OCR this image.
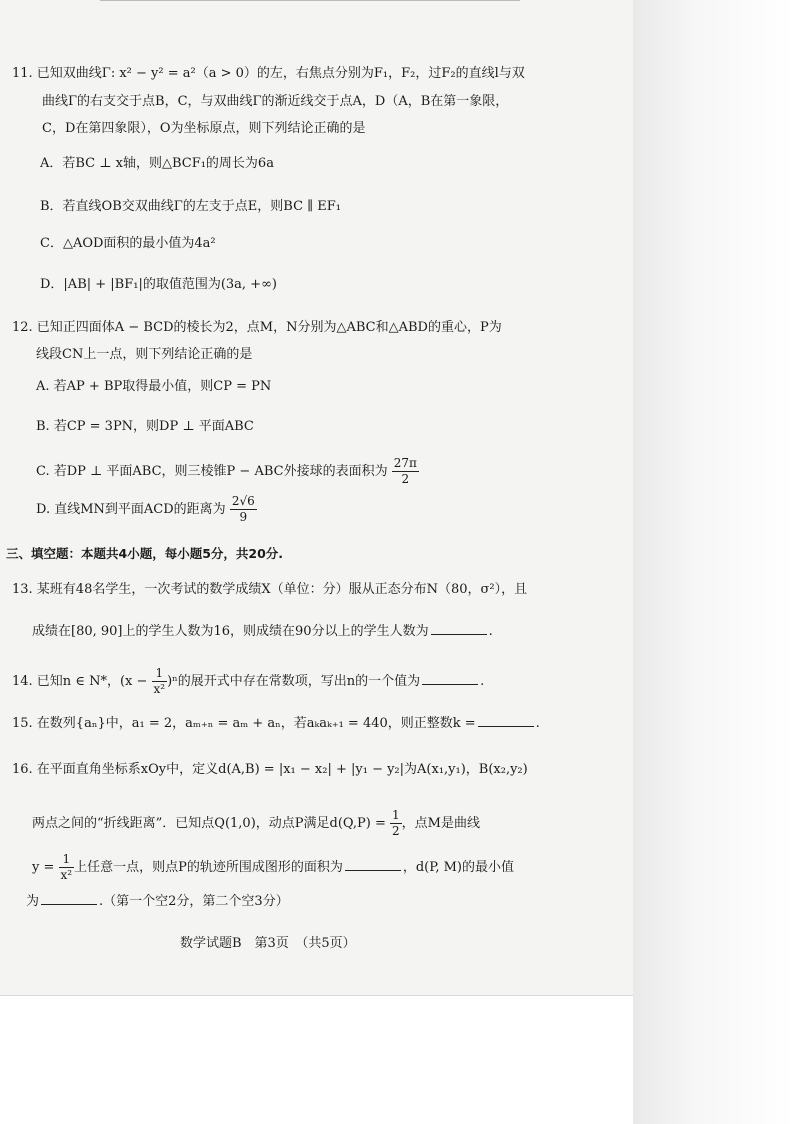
11. 已知双曲线Γ: x² − y² = a²（a > 0）的左，右焦点分别为F₁，F₂，过F₂的直线l与双
曲线Γ的右支交于点B，C，与双曲线Γ的渐近线交于点A，D（A，B在第一象限，
C，D在第四象限），O为坐标原点，则下列结论正确的是
A．若BC ⊥ x轴，则△BCF₁的周长为6a
B．若直线OB交双曲线Γ的左支于点E，则BC ∥ EF₁
C．△AOD面积的最小值为4a²
D．|AB| + |BF₁|的取值范围为(3a, +∞)
12. 已知正四面体A − BCD的棱长为2，点M，N分别为△ABC和△ABD的重心，P为
线段CN上一点，则下列结论正确的是
A. 若AP + BP取得最小值，则CP = PN
B. 若CP = 3PN，则DP ⊥ 平面ABC
C. 若DP ⊥ 平面ABC，则三棱锥P − ABC外接球的表面积为 $\frac{27\pi}{2}$
D. 直线MN到平面ACD的距离为 $\frac{2√6}{9}$
三、填空题：本题共4小题，每小题5分，共20分.
13. 某班有48名学生，一次考试的数学成绩X（单位：分）服从正态分布N（80，σ²），且
成绩在[80, 90]上的学生人数为16，则成绩在90分以上的学生人数为	.
14. 已知n ∈ N*，$(x - \frac{1}{\text{x²}} )^n$的展开式中存在常数项，写出n的一个值为	.
15. 在数列{aₙ}中，a₁ = 2，aₘ₊ₙ = aₘ + aₙ，若aₖaₖ₊₁ = 440，则正整数k =	.
16. 在平面直角坐标系xOy中，定义d(A,B) = |x₁ − x₂| + |y₁ − y₂|为A(x₁,y₁)，B(x₂,y₂)
两点之间的“折线距离”．已知点Q(1,0)，动点P满足$d(Q,P) = \frac{1}{2}$ ，点M是曲线
$y = \frac{1}{\text{x²}}$ 上任意一点，则点P的轨迹所围成图形的面积为	，d(P, M)的最小值
为	.（第一个空2分，第二个空3分）
数学试题B　第3页　（共5页）
